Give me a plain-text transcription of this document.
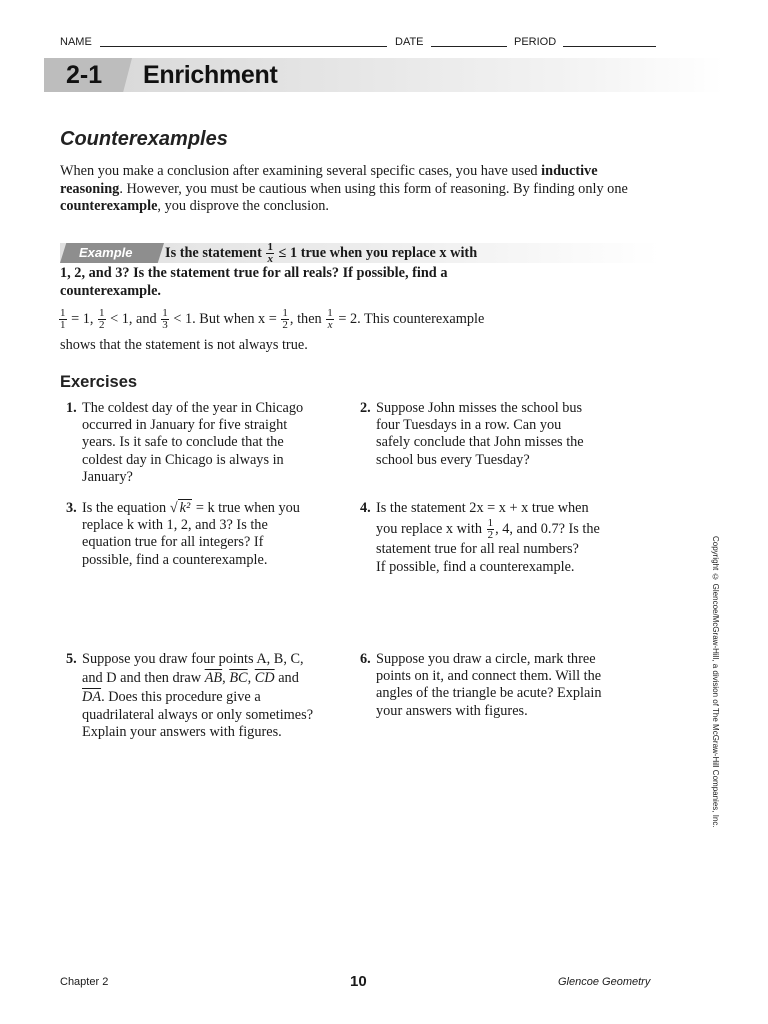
NAME	DATE	PERIOD
2-1 Enrichment
Counterexamples
When you make a conclusion after examining several specific cases, you have used inductive reasoning. However, you must be cautious when using this form of reasoning. By finding only one counterexample, you disprove the conclusion.
Example Is the statement $\frac{1}{x} \le 1$ true when you replace x with
1, 2, and 3? Is the statement true for all reals? If possible, find a
counterexample.
$\frac{1}{1} = 1$, $\frac{1}{2} < 1$, and $\frac{1}{3} < 1$. But when $x = \frac{1}{2}$ , then $\frac{1}{x} = 2$. This counterexample
shows that the statement is not always true.
Exercises
1. The coldest day of the year in Chicago
occurred in January for five straight
years. Is it safe to conclude that the
coldest day in Chicago is always in
January?
2. Suppose John misses the school bus
four Tuesdays in a row. Can you
safely conclude that John misses the
school bus every Tuesday?
3. Is the equation √ k² = k true when you
replace k with 1, 2, and 3? Is the
equation true for all integers? If
possible, find a counterexample.
4. Is the statement 2x = x + x true when
you replace x with $\frac{1}{2}$ , 4, and 0.7? Is the
statement true for all real numbers?
If possible, find a counterexample.
5. Suppose you draw four points A, B, C,
and D and then draw $\overline{AB}$, $\overline{BC}$, $\overline{CD}$ and
$\overline{DA}$. Does this procedure give a
quadrilateral always or only sometimes?
Explain your answers with figures.
6. Suppose you draw a circle, mark three
points on it, and connect them. Will the
angles of the triangle be acute? Explain
your answers with figures.	Copyright © Glencoe/McGraw-Hill, a division of The McGraw-Hill Companies, Inc.
Chapter 2	10	Glencoe Geometry
